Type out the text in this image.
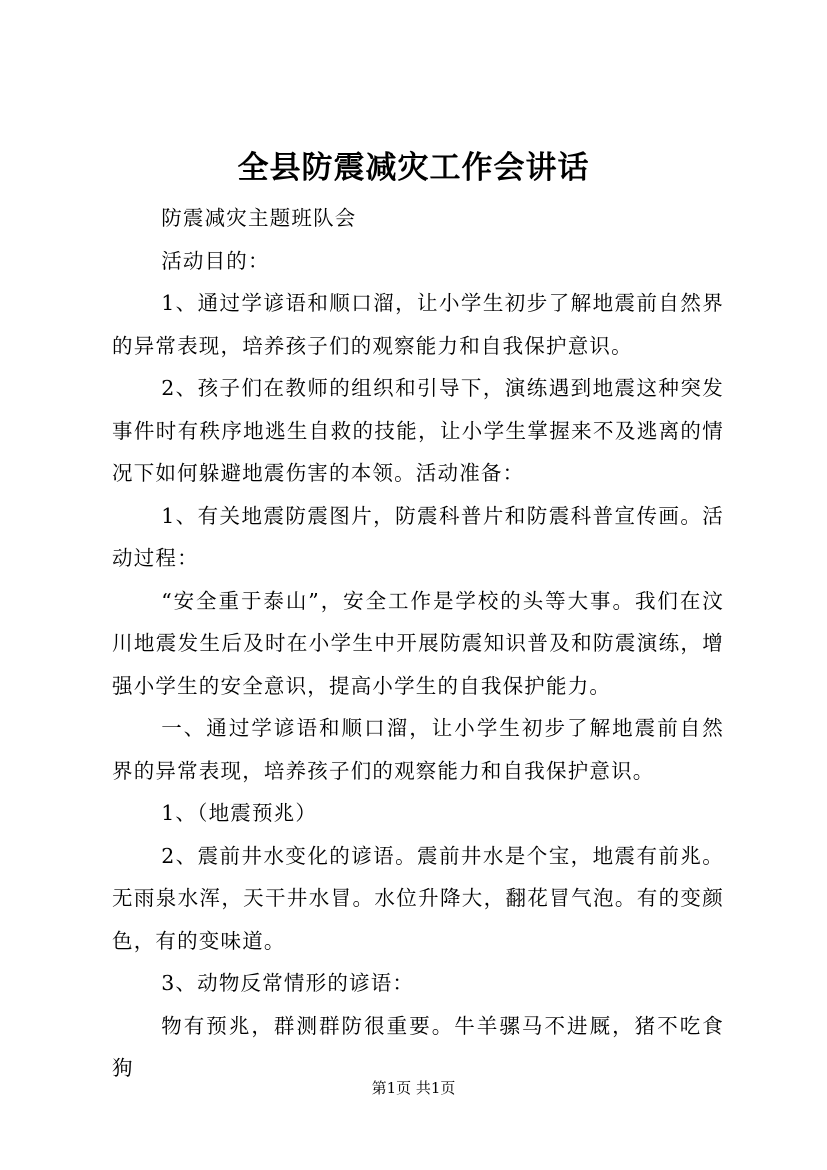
全县防震减灾工作会讲话

防震减灾主题班队会

活动目的：

1、通过学谚语和顺口溜，让小学生初步了解地震前自然界的异常表现，培养孩子们的观察能力和自我保护意识。

2、孩子们在教师的组织和引导下，演练遇到地震这种突发事件时有秩序地逃生自救的技能，让小学生掌握来不及逃离的情况下如何躲避地震伤害的本领。活动准备：

1、有关地震防震图片，防震科普片和防震科普宣传画。活动过程：

“安全重于泰山”，安全工作是学校的头等大事。我们在汶川地震发生后及时在小学生中开展防震知识普及和防震演练，增强小学生的安全意识，提高小学生的自我保护能力。

一、通过学谚语和顺口溜，让小学生初步了解地震前自然界的异常表现，培养孩子们的观察能力和自我保护意识。

1、（地震预兆）

2、震前井水变化的谚语。震前井水是个宝，地震有前兆。无雨泉水浑，天干井水冒。水位升降大，翻花冒气泡。有的变颜色，有的变味道。

3、动物反常情形的谚语：

物有预兆，群测群防很重要。牛羊骡马不进厩，猪不吃食狗

第1页 共1页
